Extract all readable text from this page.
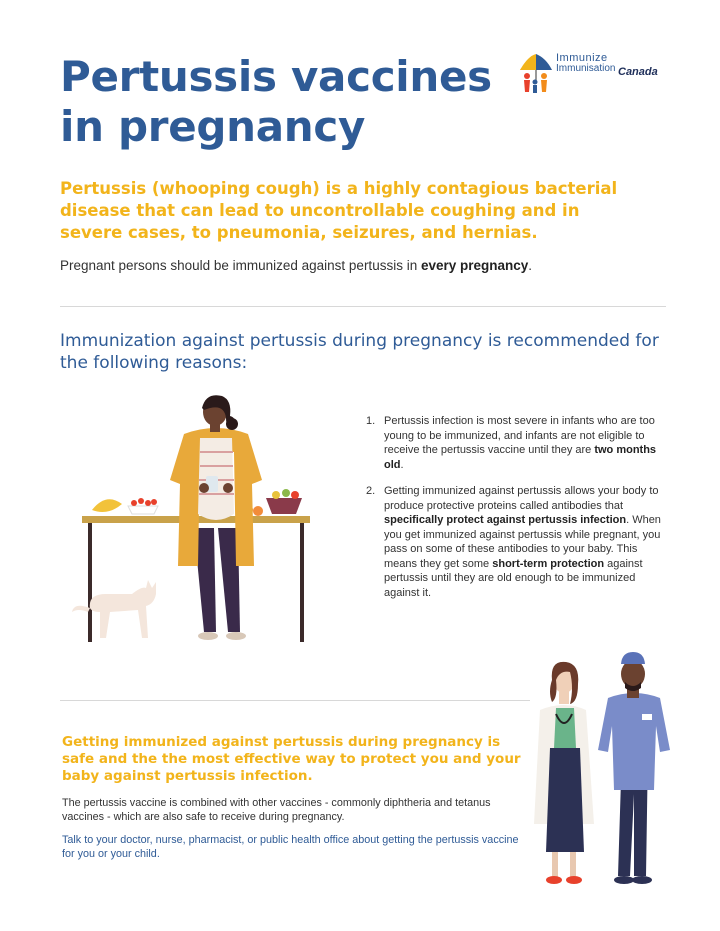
Pertussis vaccines
in pregnancy
Immunize
Immunisation Canada

Pertussis (whooping cough) is a highly contagious bacterial disease that can lead to uncontrollable coughing and in severe cases, to pneumonia, seizures, and hernias.

Pregnant persons should be immunized against pertussis in every pregnancy.
Immunization against pertussis during pregnancy is recommended for the following reasons:
1. Pertussis infection is most severe in infants who are too young to be immunized, and infants are not eligible to receive the pertussis vaccine until they are two months old.
2. Getting immunized against pertussis allows your body to produce protective proteins called antibodies that specifically protect against pertussis infection. When you get immunized against pertussis while pregnant, you pass on some of these antibodies to your baby. This means they get some short-term protection against pertussis until they are old enough to be immunized against it.

Getting immunized against pertussis during pregnancy is safe and the the most effective way to protect you and your baby against pertussis infection.

The pertussis vaccine is combined with other vaccines - commonly diphtheria and tetanus vaccines - which are also safe to receive during pregnancy.

Talk to your doctor, nurse, pharmacist, or public health office about getting the pertussis vaccine for you or your child.
